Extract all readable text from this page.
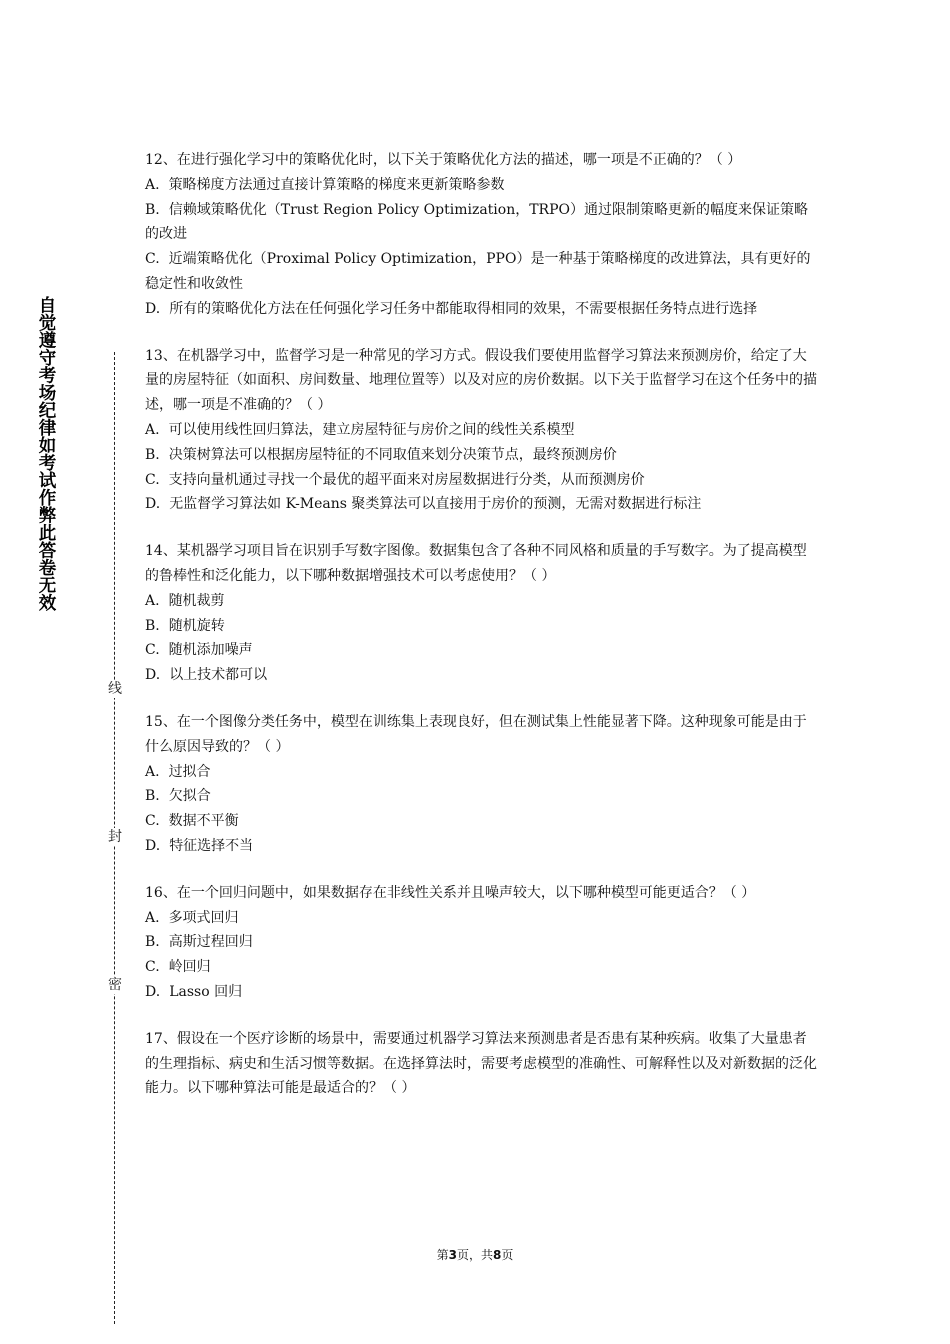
自觉遵守考场纪律如考试作弊此答卷无效
线
封
密

12、在进行强化学习中的策略优化时，以下关于策略优化方法的描述，哪一项是不正确的？（ ）

A. 策略梯度方法通过直接计算策略的梯度来更新策略参数

B. 信赖域策略优化（Trust Region Policy Optimization，TRPO）通过限制策略更新的幅度来保证策略的改进

C. 近端策略优化（Proximal Policy Optimization，PPO）是一种基于策略梯度的改进算法，具有更好的稳定性和收敛性

D. 所有的策略优化方法在任何强化学习任务中都能取得相同的效果，不需要根据任务特点进行选择

13、在机器学习中，监督学习是一种常见的学习方式。假设我们要使用监督学习算法来预测房价，给定了大量的房屋特征（如面积、房间数量、地理位置等）以及对应的房价数据。以下关于监督学习在这个任务中的描述，哪一项是不准确的？（ ）

A. 可以使用线性回归算法，建立房屋特征与房价之间的线性关系模型

B. 决策树算法可以根据房屋特征的不同取值来划分决策节点，最终预测房价

C. 支持向量机通过寻找一个最优的超平面来对房屋数据进行分类，从而预测房价

D. 无监督学习算法如 K-Means 聚类算法可以直接用于房价的预测，无需对数据进行标注

14、某机器学习项目旨在识别手写数字图像。数据集包含了各种不同风格和质量的手写数字。为了提高模型的鲁棒性和泛化能力，以下哪种数据增强技术可以考虑使用？（ ）

A. 随机裁剪

B. 随机旋转

C. 随机添加噪声

D. 以上技术都可以

15、在一个图像分类任务中，模型在训练集上表现良好，但在测试集上性能显著下降。这种现象可能是由于什么原因导致的？（ ）

A. 过拟合

B. 欠拟合

C. 数据不平衡

D. 特征选择不当

16、在一个回归问题中，如果数据存在非线性关系并且噪声较大，以下哪种模型可能更适合？（ ）

A. 多项式回归

B. 高斯过程回归

C. 岭回归

D. Lasso 回归

17、假设在一个医疗诊断的场景中，需要通过机器学习算法来预测患者是否患有某种疾病。收集了大量患者的生理指标、病史和生活习惯等数据。在选择算法时，需要考虑模型的准确性、可解释性以及对新数据的泛化能力。以下哪种算法可能是最适合的？（ ）

第3页，共8页
